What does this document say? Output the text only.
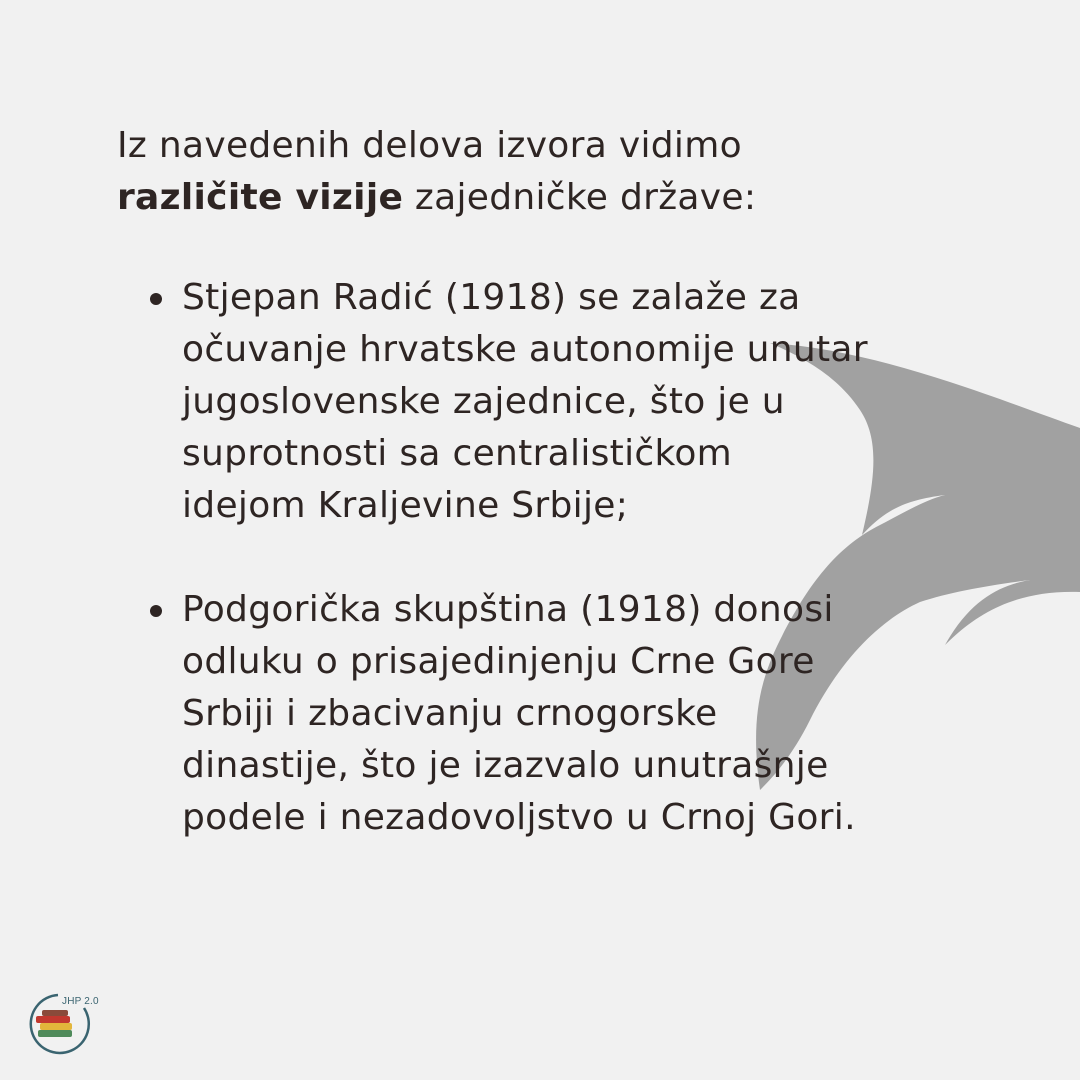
Iz navedenih delova izvora vidimo
različite vizije zajedničke države:

Stjepan Radić (1918) se zalaže za
očuvanje hrvatske autonomije unutar
jugoslovenske zajednice, što je u
suprotnosti sa centralističkom
idejom Kraljevine Srbije;
Podgorička skupština (1918) donosi
odluku o prisajedinjenju Crne Gore
Srbiji i zbacivanju crnogorske
dinastije, što je izazvalo unutrašnje
podele i nezadovoljstvo u Crnoj Gori.
JHP 2.0
